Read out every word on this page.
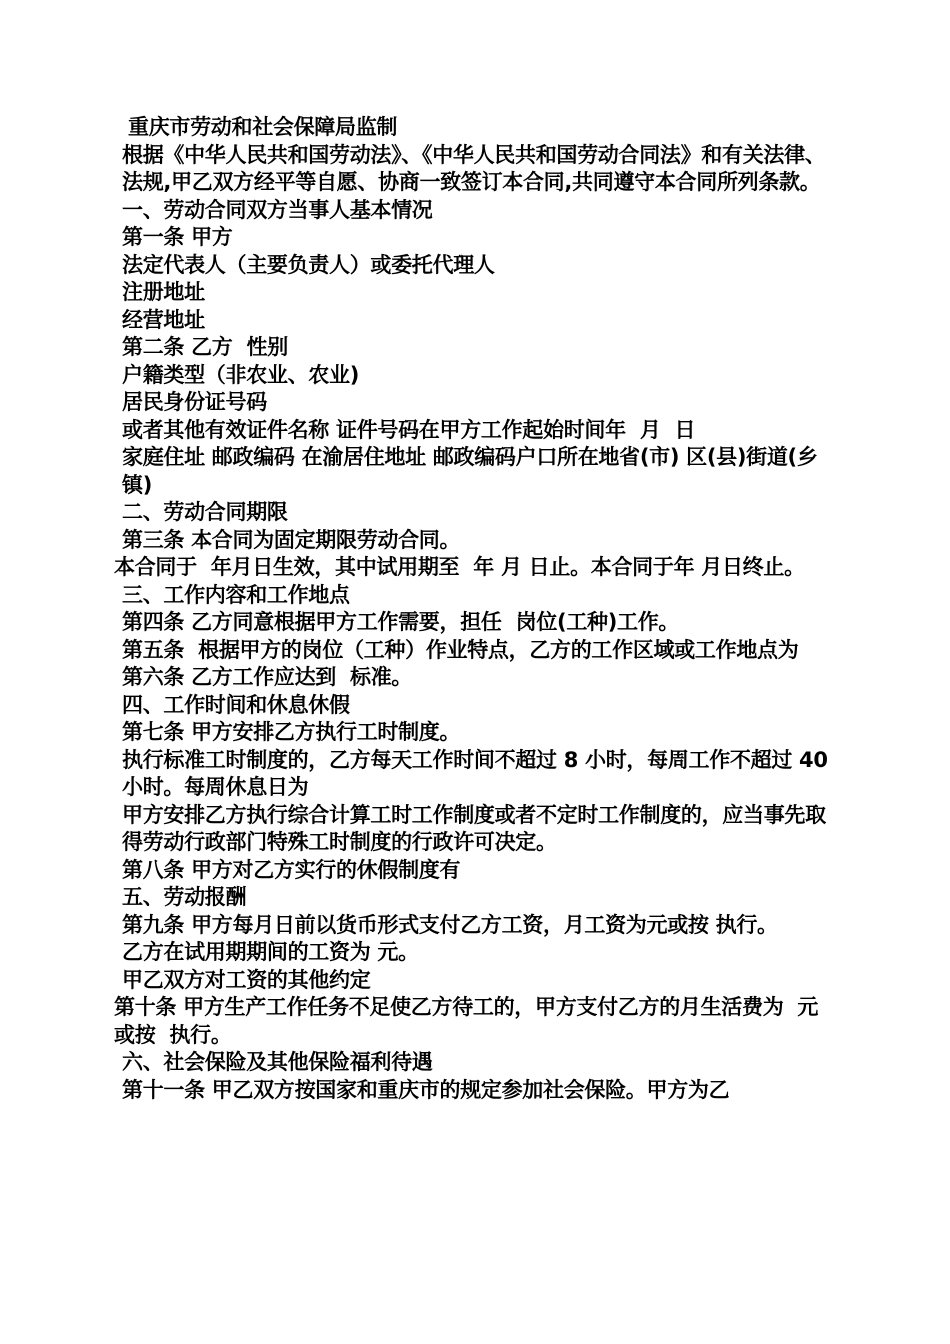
重庆市劳动和社会保障局监制

根据《中华人民共和国劳动法》、《中华人民共和国劳动合同法》和有关法律、法规,甲乙双方经平等自愿、协商一致签订本合同,共同遵守本合同所列条款。

一、劳动合同双方当事人基本情况

第一条 甲方

法定代表人（主要负责人）或委托代理人

注册地址

经营地址

第二条 乙方  性别

户籍类型（非农业、农业)

居民身份证号码

或者其他有效证件名称 证件号码在甲方工作起始时间年  月  日

家庭住址 邮政编码 在渝居住地址 邮政编码户口所在地省(市) 区(县)街道(乡镇)

二、劳动合同期限

第三条 本合同为固定期限劳动合同。

本合同于  年月日生效，其中试用期至  年 月 日止。本合同于年 月日终止。

三、工作内容和工作地点

第四条 乙方同意根据甲方工作需要，担任  岗位(工种)工作。

第五条  根据甲方的岗位（工种）作业特点，乙方的工作区域或工作地点为

第六条 乙方工作应达到  标准。

四、工作时间和休息休假

第七条 甲方安排乙方执行工时制度。

执行标准工时制度的，乙方每天工作时间不超过 8 小时，每周工作不超过 40 小时。每周休息日为

甲方安排乙方执行综合计算工时工作制度或者不定时工作制度的，应当事先取得劳动行政部门特殊工时制度的行政许可决定。

第八条 甲方对乙方实行的休假制度有

五、劳动报酬

第九条 甲方每月日前以货币形式支付乙方工资，月工资为元或按 执行。

乙方在试用期期间的工资为 元。

甲乙双方对工资的其他约定

第十条 甲方生产工作任务不足使乙方待工的，甲方支付乙方的月生活费为  元或按  执行。

六、社会保险及其他保险福利待遇

第十一条 甲乙双方按国家和重庆市的规定参加社会保险。甲方为乙
